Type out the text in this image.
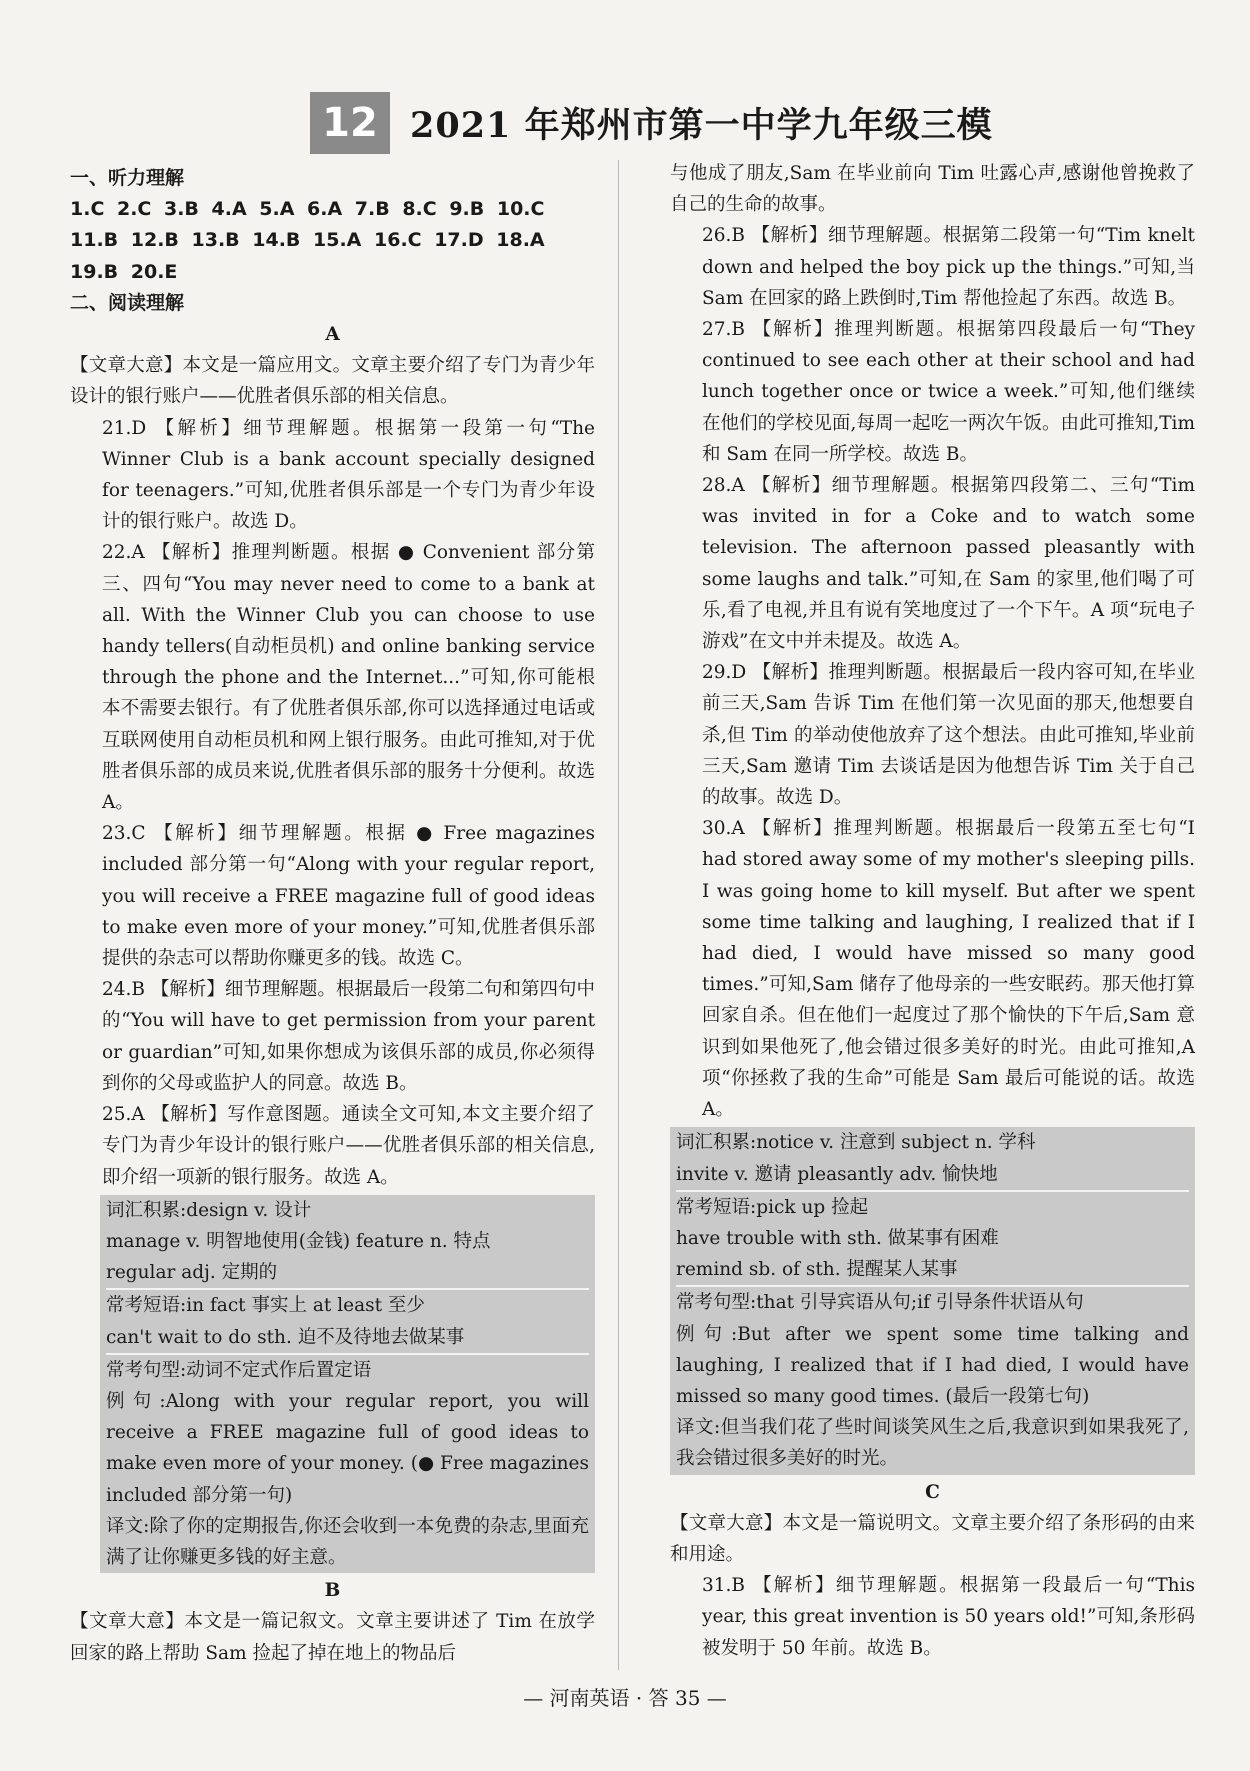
12 2021 年郑州市第一中学九年级三模

一、听力理解

1.C 2.C 3.B 4.A 5.A 6.A 7.B 8.C 9.B 10.C

11.B 12.B 13.B 14.B 15.A 16.C 17.D 18.A

19.B 20.E

二、阅读理解

A

【文章大意】本文是一篇应用文。文章主要介绍了专门为青少年设计的银行账户——优胜者俱乐部的相关信息。

21.D 【解析】细节理解题。根据第一段第一句“The Winner Club is a bank account specially designed for teenagers.”可知,优胜者俱乐部是一个专门为青少年设计的银行账户。故选 D。

22.A 【解析】推理判断题。根据 ● Convenient 部分第三、四句“You may never need to come to a bank at all. With the Winner Club you can choose to use handy tellers(自动柜员机) and online banking service through the phone and the Internet...”可知,你可能根本不需要去银行。有了优胜者俱乐部,你可以选择通过电话或互联网使用自动柜员机和网上银行服务。由此可推知,对于优胜者俱乐部的成员来说,优胜者俱乐部的服务十分便利。故选 A。

23.C 【解析】细节理解题。根据 ● Free magazines included 部分第一句“Along with your regular report, you will receive a FREE magazine full of good ideas to make even more of your money.”可知,优胜者俱乐部提供的杂志可以帮助你赚更多的钱。故选 C。

24.B 【解析】细节理解题。根据最后一段第二句和第四句中的“You will have to get permission from your parent or guardian”可知,如果你想成为该俱乐部的成员,你必须得到你的父母或监护人的同意。故选 B。

25.A 【解析】写作意图题。通读全文可知,本文主要介绍了专门为青少年设计的银行账户——优胜者俱乐部的相关信息,即介绍一项新的银行服务。故选 A。

词汇积累:design v. 设计

manage v. 明智地使用(金钱) feature n. 特点

regular adj. 定期的

常考短语:in fact 事实上 at least 至少

can't wait to do sth. 迫不及待地去做某事

常考句型:动词不定式作后置定语

例句:Along with your regular report, you will receive a FREE magazine full of good ideas to make even more of your money. (● Free magazines included 部分第一句)

译文:除了你的定期报告,你还会收到一本免费的杂志,里面充满了让你赚更多钱的好主意。

B

【文章大意】本文是一篇记叙文。文章主要讲述了 Tim 在放学回家的路上帮助 Sam 捡起了掉在地上的物品后

与他成了朋友,Sam 在毕业前向 Tim 吐露心声,感谢他曾挽救了自己的生命的故事。

26.B 【解析】细节理解题。根据第二段第一句“Tim knelt down and helped the boy pick up the things.”可知,当 Sam 在回家的路上跌倒时,Tim 帮他捡起了东西。故选 B。

27.B 【解析】推理判断题。根据第四段最后一句“They continued to see each other at their school and had lunch together once or twice a week.”可知,他们继续在他们的学校见面,每周一起吃一两次午饭。由此可推知,Tim 和 Sam 在同一所学校。故选 B。

28.A 【解析】细节理解题。根据第四段第二、三句“Tim was invited in for a Coke and to watch some television. The afternoon passed pleasantly with some laughs and talk.”可知,在 Sam 的家里,他们喝了可乐,看了电视,并且有说有笑地度过了一个下午。A 项“玩电子游戏”在文中并未提及。故选 A。

29.D 【解析】推理判断题。根据最后一段内容可知,在毕业前三天,Sam 告诉 Tim 在他们第一次见面的那天,他想要自杀,但 Tim 的举动使他放弃了这个想法。由此可推知,毕业前三天,Sam 邀请 Tim 去谈话是因为他想告诉 Tim 关于自己的故事。故选 D。

30.A 【解析】推理判断题。根据最后一段第五至七句“I had stored away some of my mother's sleeping pills. I was going home to kill myself. But after we spent some time talking and laughing, I realized that if I had died, I would have missed so many good times.”可知,Sam 储存了他母亲的一些安眠药。那天他打算回家自杀。但在他们一起度过了那个愉快的下午后,Sam 意识到如果他死了,他会错过很多美好的时光。由此可推知,A 项“你拯救了我的生命”可能是 Sam 最后可能说的话。故选 A。

词汇积累:notice v. 注意到 subject n. 学科

invite v. 邀请 pleasantly adv. 愉快地

常考短语:pick up 捡起

have trouble with sth. 做某事有困难

remind sb. of sth. 提醒某人某事

常考句型:that 引导宾语从句;if 引导条件状语从句

例句:But after we spent some time talking and laughing, I realized that if I had died, I would have missed so many good times. (最后一段第七句)

译文:但当我们花了些时间谈笑风生之后,我意识到如果我死了,我会错过很多美好的时光。

C

【文章大意】本文是一篇说明文。文章主要介绍了条形码的由来和用途。

31.B 【解析】细节理解题。根据第一段最后一句“This year, this great invention is 50 years old!”可知,条形码被发明于 50 年前。故选 B。

— 河南英语 · 答 35 —
